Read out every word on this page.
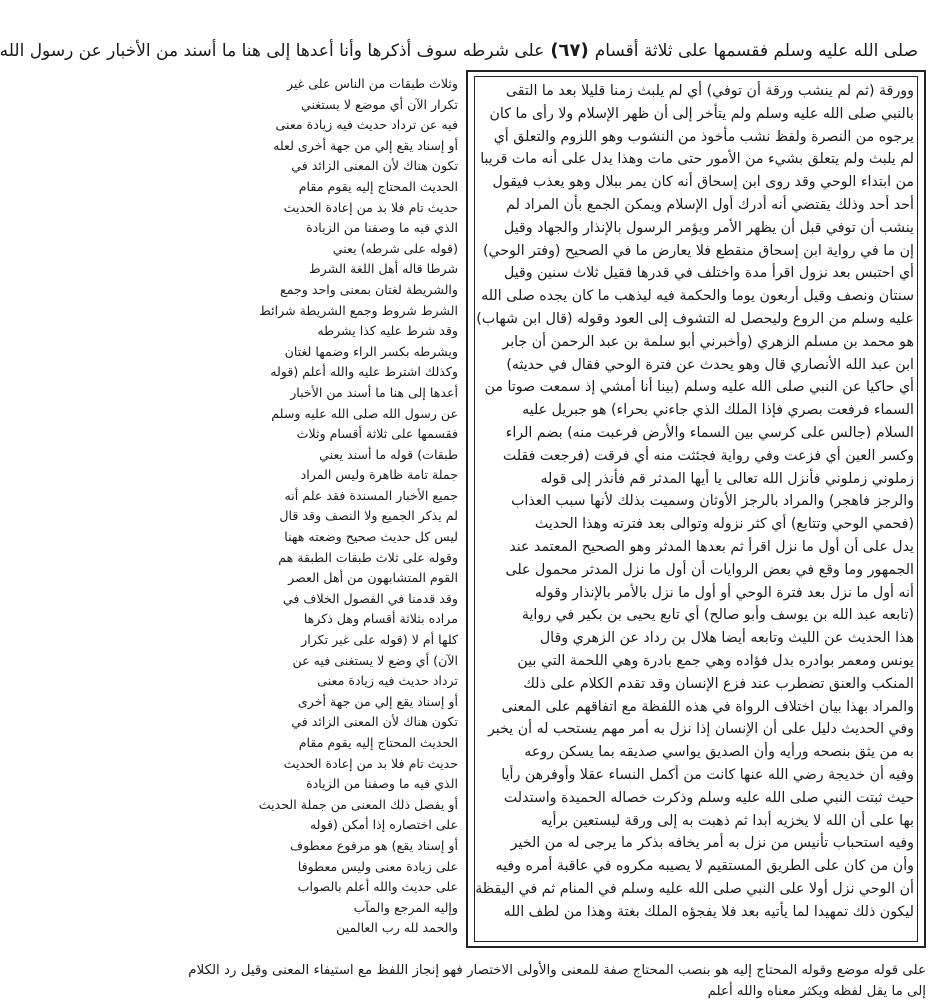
صلى الله عليه وسلم فقسمها على ثلاثة أقسام
(٦٧)
على شرطه سوف أذكرها وأنا أعدها إلى هنا ما أسند من الأخبار عن رسول الله
وورقة (ثم لم ينشب ورقة أن توفي) أي لم يلبث زمنا قليلا بعد ما التقى
بالنبي صلى الله عليه وسلم ولم يتأخر إلى أن ظهر الإسلام ولا رأى ما كان
يرجوه من النصرة ولفظ نشب مأخوذ من النشوب وهو اللزوم والتعلق أي
لم يلبث ولم يتعلق بشيء من الأمور حتى مات وهذا يدل على أنه مات قريبا
من ابتداء الوحي وقد روى ابن إسحاق أنه كان يمر ببلال وهو يعذب فيقول
أحد أحد وذلك يقتضي أنه أدرك أول الإسلام ويمكن الجمع بأن المراد لم
ينشب أن توفي قبل أن يظهر الأمر ويؤمر الرسول بالإنذار والجهاد وقيل
إن ما في رواية ابن إسحاق منقطع فلا يعارض ما في الصحيح (وفتر الوحي)
أي احتبس بعد نزول اقرأ مدة واختلف في قدرها فقيل ثلاث سنين وقيل
سنتان ونصف وقيل أربعون يوما والحكمة فيه ليذهب ما كان يجده صلى الله
عليه وسلم من الروع وليحصل له التشوف إلى العود وقوله (قال ابن شهاب)
هو محمد بن مسلم الزهري (وأخبرني أبو سلمة بن عبد الرحمن أن جابر
ابن عبد الله الأنصاري قال وهو يحدث عن فترة الوحي فقال في حديثه)
أي حاكيا عن النبي صلى الله عليه وسلم (بينا أنا أمشي إذ سمعت صوتا من
السماء فرفعت بصري فإذا الملك الذي جاءني بحراء) هو جبريل عليه
السلام (جالس على كرسي بين السماء والأرض فرعبت منه) بضم الراء
وكسر العين أي فزعت وفي رواية فجئثت منه أي فرقت (فرجعت فقلت
زملوني زملوني فأنزل الله تعالى يا أيها المدثر قم فأنذر إلى قوله
والرجز فاهجر) والمراد بالرجز الأوثان وسميت بذلك لأنها سبب العذاب
(فحمي الوحي وتتابع) أي كثر نزوله وتوالى بعد فترته وهذا الحديث
يدل على أن أول ما نزل اقرأ ثم بعدها المدثر وهو الصحيح المعتمد عند
الجمهور وما وقع في بعض الروايات أن أول ما نزل المدثر محمول على
أنه أول ما نزل بعد فترة الوحي أو أول ما نزل بالأمر بالإنذار وقوله
(تابعه عبد الله بن يوسف وأبو صالح) أي تابع يحيى بن بكير في رواية
هذا الحديث عن الليث وتابعه أيضا هلال بن رداد عن الزهري وقال
يونس ومعمر بوادره بدل فؤاده وهي جمع بادرة وهي اللحمة التي بين
المنكب والعنق تضطرب عند فزع الإنسان وقد تقدم الكلام على ذلك
والمراد بهذا بيان اختلاف الرواة في هذه اللفظة مع اتفاقهم على المعنى
وفي الحديث دليل على أن الإنسان إذا نزل به أمر مهم يستحب له أن يخبر
به من يثق بنصحه ورأيه وأن الصديق يواسي صديقه بما يسكن روعه
وفيه أن خديجة رضي الله عنها كانت من أكمل النساء عقلا وأوفرهن رأيا
حيث ثبتت النبي صلى الله عليه وسلم وذكرت خصاله الحميدة واستدلت
بها على أن الله لا يخزيه أبدا ثم ذهبت به إلى ورقة ليستعين برأيه
وفيه استحباب تأنيس من نزل به أمر يخافه بذكر ما يرجى له من الخير
وأن من كان على الطريق المستقيم لا يصيبه مكروه في عاقبة أمره وفيه
أن الوحي نزل أولا على النبي صلى الله عليه وسلم في المنام ثم في اليقظة
ليكون ذلك تمهيدا لما يأتيه بعد فلا يفجؤه الملك بغتة وهذا من لطف الله
وثلاث طبقات من الناس على غير
تكرار الآن أي موضع لا يستغني
فيه عن ترداد حديث فيه زيادة معنى
أو إسناد يقع إلي من جهة أخرى لعله
تكون هناك لأن المعنى الزائد في
الحديث المحتاج إليه يقوم مقام
حديث تام فلا بد من إعادة الحديث
الذي فيه ما وصفنا من الزيادة
(قوله على شرطه) يعني
شرطا قاله أهل اللغة الشرط
والشريطة لغتان بمعنى واحد وجمع
الشرط شروط وجمع الشريطة شرائط
وقد شرط عليه كذا يشرطه
ويشرطه بكسر الراء وضمها لغتان
وكذلك اشترط عليه والله أعلم (قوله
أعدها إلى هنا ما أسند من الأخبار
عن رسول الله صلى الله عليه وسلم
فقسمها على ثلاثة أقسام وثلاث
طبقات) قوله ما أسند يعني
جملة تامة ظاهرة وليس المراد
جميع الأخبار المسندة فقد علم أنه
لم يذكر الجميع ولا النصف وقد قال
ليس كل حديث صحيح وضعته ههنا
وقوله على ثلاث طبقات الطبقة هم
القوم المتشابهون من أهل العصر
وقد قدمنا في الفصول الخلاف في
مراده بثلاثة أقسام وهل ذكرها
كلها أم لا (قوله على غير تكرار
الآن) أي وضع لا يستغنى فيه عن
ترداد حديث فيه زيادة معنى
أو إسناد يقع إلي من جهة أخرى
تكون هناك لأن المعنى الزائد في
الحديث المحتاج إليه يقوم مقام
حديث تام فلا بد من إعادة الحديث
الذي فيه ما وصفنا من الزيادة
أو يفصل ذلك المعنى من جملة الحديث
على اختصاره إذا أمكن (قوله
أو إسناد يقع) هو مرفوع معطوف
على زيادة معنى وليس معطوفا
على حديث والله أعلم بالصواب
وإليه المرجع والمآب
والحمد لله رب العالمين
على قوله موضع وقوله المحتاج إليه هو بنصب المحتاج صفة للمعنى والأولى الاختصار فهو إنجاز اللفظ مع استيفاء المعنى وقيل رد الكلام
إلى ما يقل لفظه ويكثر معناه والله أعلم
